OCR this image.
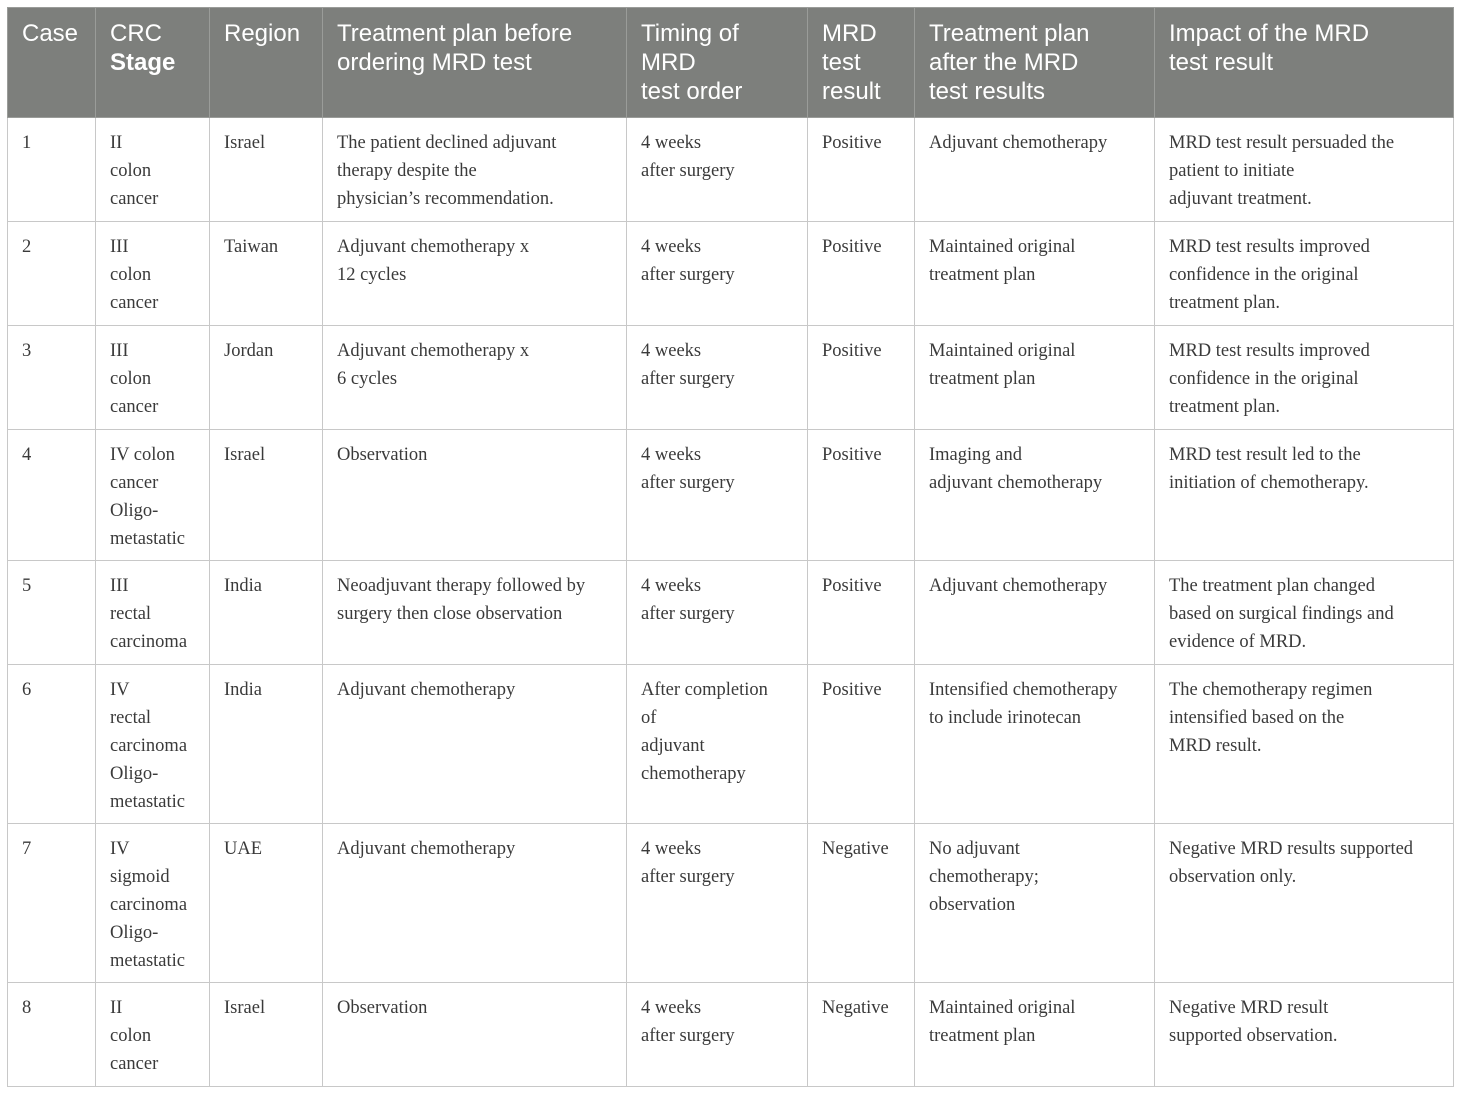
Case	CRC
Stage	Region	Treatment plan before
ordering MRD test	Timing of
MRD
test order	MRD
test
result	Treatment plan
after the MRD
test results	Impact of the MRD
test result

1	II
colon
cancer	Israel	The patient declined adjuvant
therapy despite the
physician’s recommendation.	4 weeks
after surgery	Positive	Adjuvant chemotherapy	MRD test result persuaded the
patient to initiate
adjuvant treatment.

2	III
colon
cancer	Taiwan	Adjuvant chemotherapy x
12 cycles	4 weeks
after surgery	Positive	Maintained original
treatment plan	MRD test results improved
confidence in the original
treatment plan.

3	III
colon
cancer	Jordan	Adjuvant chemotherapy x
6 cycles	4 weeks
after surgery	Positive	Maintained original
treatment plan	MRD test results improved
confidence in the original
treatment plan.

4	IV colon
cancer
Oligo-
metastatic	Israel	Observation	4 weeks
after surgery	Positive	Imaging and
adjuvant chemotherapy	MRD test result led to the
initiation of chemotherapy.

5	III
rectal
carcinoma	India	Neoadjuvant therapy followed by
surgery then close observation	4 weeks
after surgery	Positive	Adjuvant chemotherapy	The treatment plan changed
based on surgical findings and
evidence of MRD.

6	IV
rectal
carcinoma
Oligo-
metastatic	India	Adjuvant chemotherapy	After completion
of
adjuvant
chemotherapy	Positive	Intensified chemotherapy
to include irinotecan	The chemotherapy regimen
intensified based on the
MRD result.

7	IV
sigmoid
carcinoma
Oligo-
metastatic	UAE	Adjuvant chemotherapy	4 weeks
after surgery	Negative	No adjuvant
chemotherapy;
observation	Negative MRD results supported
observation only.

8	II
colon
cancer	Israel	Observation	4 weeks
after surgery	Negative	Maintained original
treatment plan	Negative MRD result
supported observation.
